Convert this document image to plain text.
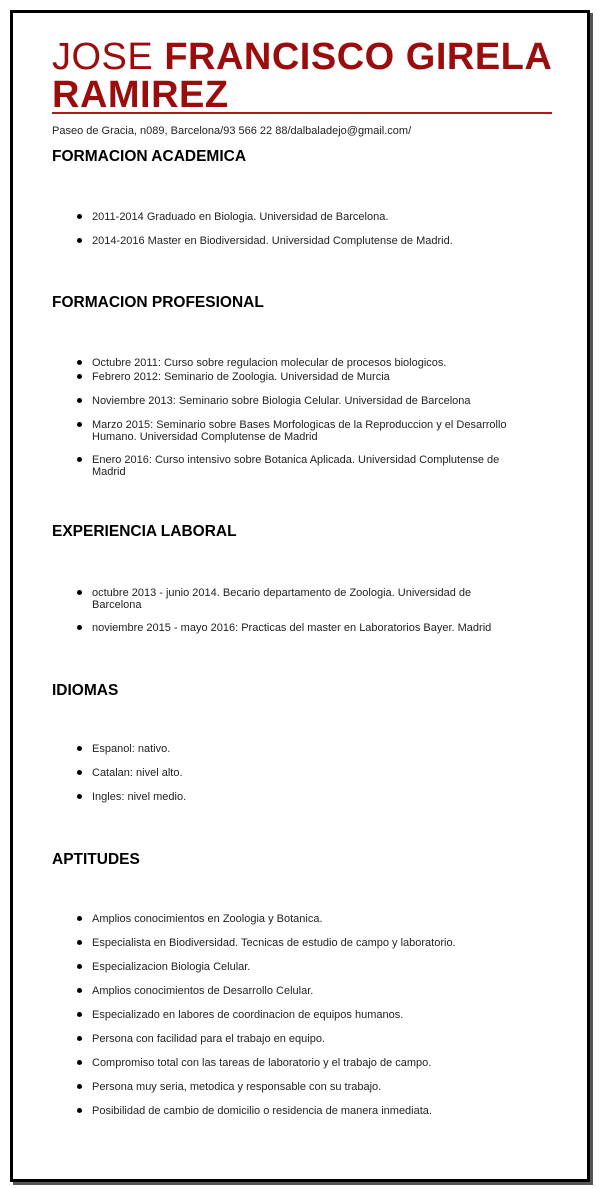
JOSE FRANCISCO GIRELA RAMIREZ
Paseo de Gracia, n089, Barcelona/93 566 22 88/dalbaladejo@gmail.com/
FORMACION ACADEMICA
2011-2014 Graduado en Biologia. Universidad de Barcelona.
2014-2016 Master en Biodiversidad. Universidad Complutense de Madrid.
FORMACION PROFESIONAL
Octubre 2011: Curso sobre regulacion molecular de procesos biologicos.
Febrero 2012: Seminario de Zoologia. Universidad de Murcia
Noviembre 2013: Seminario sobre Biologia Celular. Universidad de Barcelona
Marzo 2015: Seminario sobre Bases Morfologicas de la Reproduccion y el Desarrollo Humano. Universidad Complutense de Madrid
Enero 2016: Curso intensivo sobre Botanica Aplicada. Universidad Complutense de Madrid
EXPERIENCIA LABORAL
octubre 2013 - junio 2014. Becario departamento de Zoologia. Universidad de Barcelona
noviembre 2015 - mayo 2016: Practicas del master en Laboratorios Bayer. Madrid
IDIOMAS
Espanol: nativo.
Catalan: nivel alto.
Ingles: nivel medio.
APTITUDES
Amplios conocimientos en Zoologia y Botanica.
Especialista en Biodiversidad. Tecnicas de estudio de campo y laboratorio.
Especializacion Biologia Celular.
Amplios conocimientos de Desarrollo Celular.
Especializado en labores de coordinacion de equipos humanos.
Persona con facilidad para el trabajo en equipo.
Compromiso total con las tareas de laboratorio y el trabajo de campo.
Persona muy seria, metodica y responsable con su trabajo.
Posibilidad de cambio de domicilio o residencia de manera inmediata.
